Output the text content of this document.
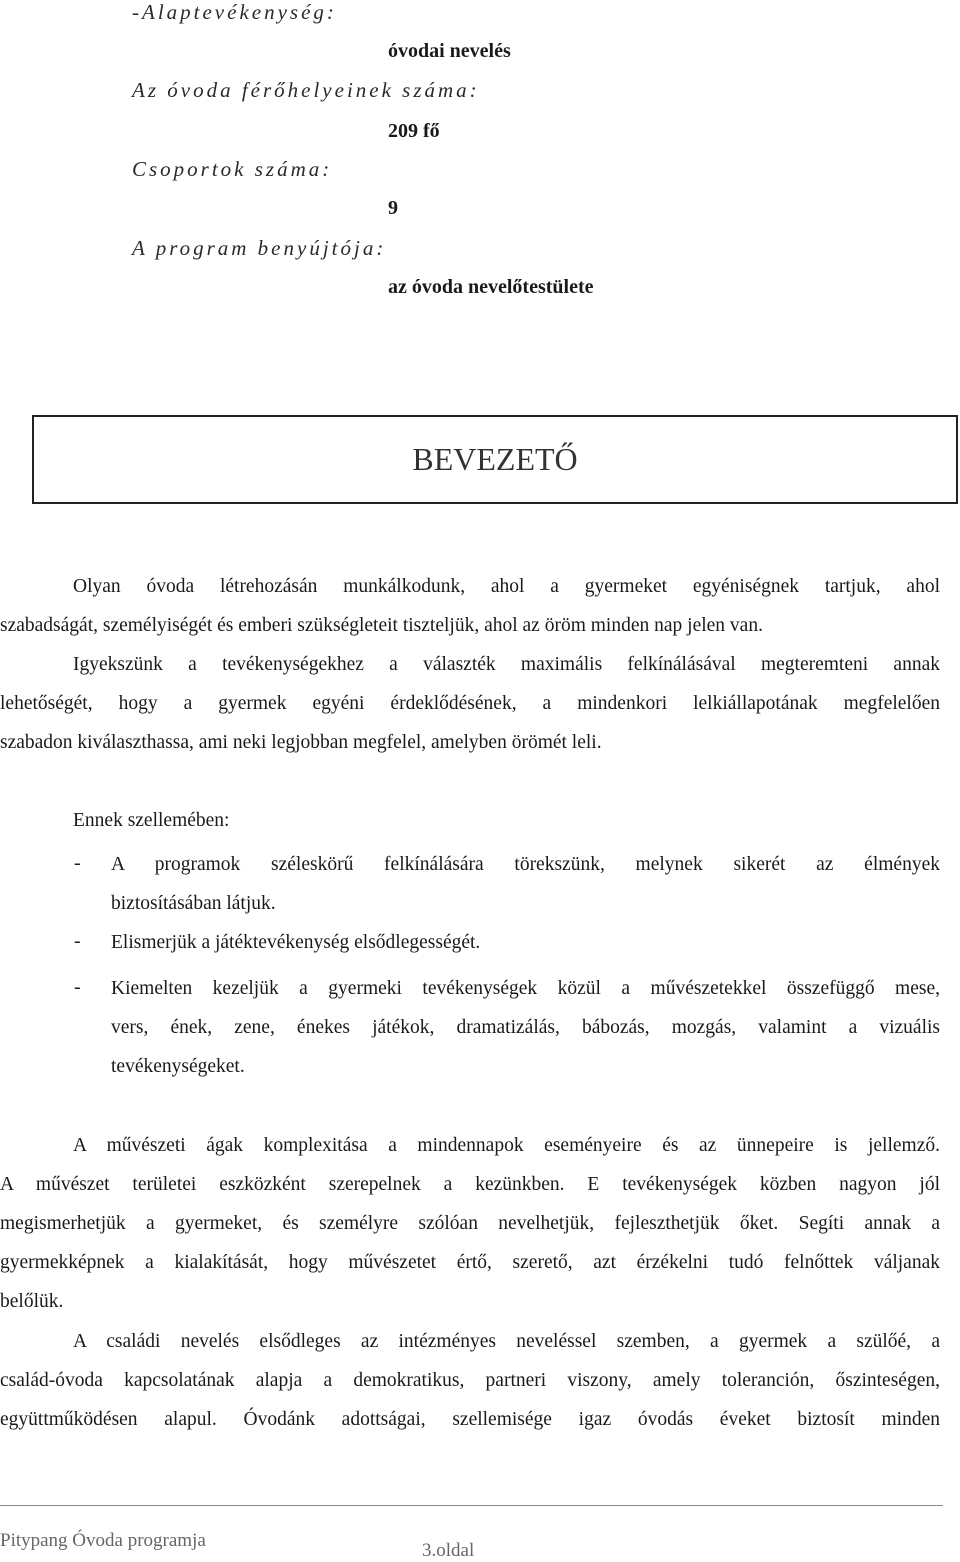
-Alaptevékenység:
óvodai nevelés
Az óvoda férőhelyeinek száma:
209 fő
Csoportok száma:
9
A program benyújtója:
az óvoda nevelőtestülete
BEVEZETŐ
Olyan óvoda létrehozásán munkálkodunk, ahol a gyermeket egyéniségnek tartjuk, ahol
szabadságát, személyiségét és emberi szükségleteit tiszteljük, ahol az öröm minden nap jelen van.
Igyekszünk a tevékenységekhez a választék maximális felkínálásával megteremteni annak
lehetőségét, hogy a gyermek egyéni érdeklődésének, a mindenkori lelkiállapotának megfelelően
szabadon kiválaszthassa, ami neki legjobban megfelel, amelyben örömét leli.
Ennek szellemében:
- A programok széleskörű felkínálására törekszünk, melynek sikerét az élmények
biztosításában látjuk.
- Elismerjük a játéktevékenység elsődlegességét.
- Kiemelten kezeljük a gyermeki tevékenységek közül a művészetekkel összefüggő mese,
vers, ének, zene, énekes játékok, dramatizálás, bábozás, mozgás, valamint a vizuális
tevékenységeket.
A művészeti ágak komplexitása a mindennapok eseményeire és az ünnepeire is jellemző.
A művészet területei eszközként szerepelnek a kezünkben. E tevékenységek közben nagyon jól
megismerhetjük a gyermeket, és személyre szólóan nevelhetjük, fejleszthetjük őket. Segíti annak a
gyermekképnek a kialakítását, hogy művészetet értő, szerető, azt érzékelni tudó felnőttek váljanak
belőlük.
A családi nevelés elsődleges az intézményes neveléssel szemben, a gyermek a szülőé, a
család-óvoda kapcsolatának alapja a demokratikus, partneri viszony, amely toleranción, őszinteségen,
együttműködésen alapul. Óvodánk adottságai, szellemisége igaz óvodás éveket biztosít minden
Pitypang Óvoda programja	3.oldal
